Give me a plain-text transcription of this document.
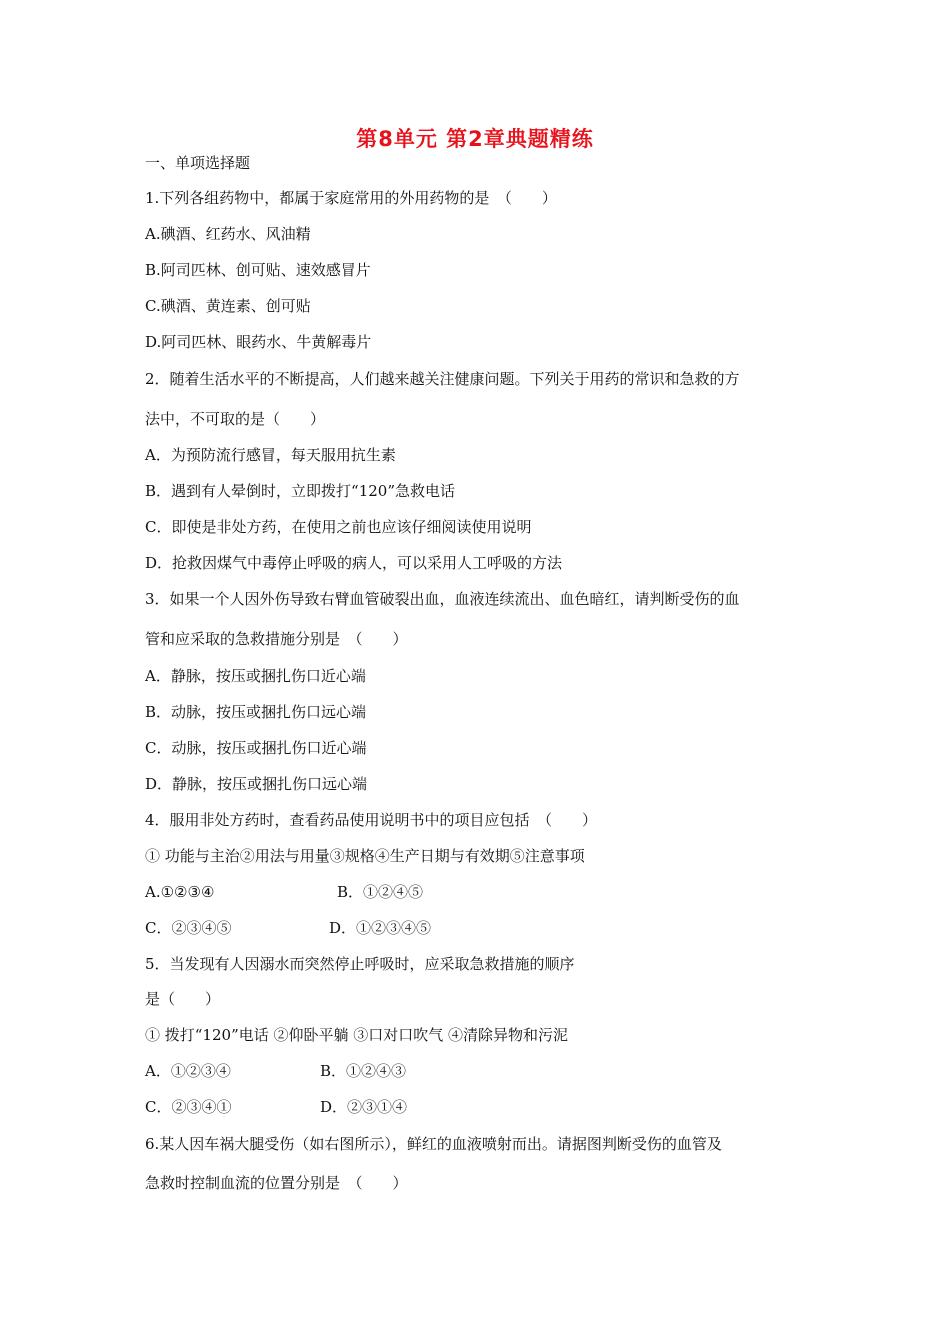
第8单元 第2章典题精练
一、单项选择题
1.下列各组药物中，都属于家庭常用的外用药物的是　（　　）
A.碘酒、红药水、风油精
B.阿司匹林、创可贴、速效感冒片
C.碘酒、黄连素、创可贴
D.阿司匹林、眼药水、牛黄解毒片
2．随着生活水平的不断提高，人们越来越关注健康问题。下列关于用药的常识和急救的方
法中，不可取的是（　　）
A．为预防流行感冒，每天服用抗生素
B．遇到有人晕倒时，立即拨打“120”急救电话
C．即使是非处方药，在使用之前也应该仔细阅读使用说明
D．抢救因煤气中毒停止呼吸的病人，可以采用人工呼吸的方法
3．如果一个人因外伤导致右臂血管破裂出血，血液连续流出、血色暗红，请判断受伤的血
管和应采取的急救措施分别是　（　　）
A．静脉，按压或捆扎伤口近心端
B．动脉，按压或捆扎伤口远心端
C．动脉，按压或捆扎伤口近心端
D．静脉，按压或捆扎伤口远心端
4．服用非处方药时，查看药品使用说明书中的项目应包括　（　　）
① 功能与主治②用法与用量③规格④生产日期与有效期⑤注意事项
A.①②③④	B．①②④⑤
C．②③④⑤	D．①②③④⑤
5．当发现有人因溺水而突然停止呼吸时，应采取急救措施的顺序
是（　　）
① 拨打“120”电话 ②仰卧平躺 ③口对口吹气 ④清除异物和污泥
A．①②③④	B．①②④③
C．②③④①	D．②③①④
6.某人因车祸大腿受伤（如右图所示），鲜红的血液喷射而出。请据图判断受伤的血管及
急救时控制血流的位置分别是　（　　）
